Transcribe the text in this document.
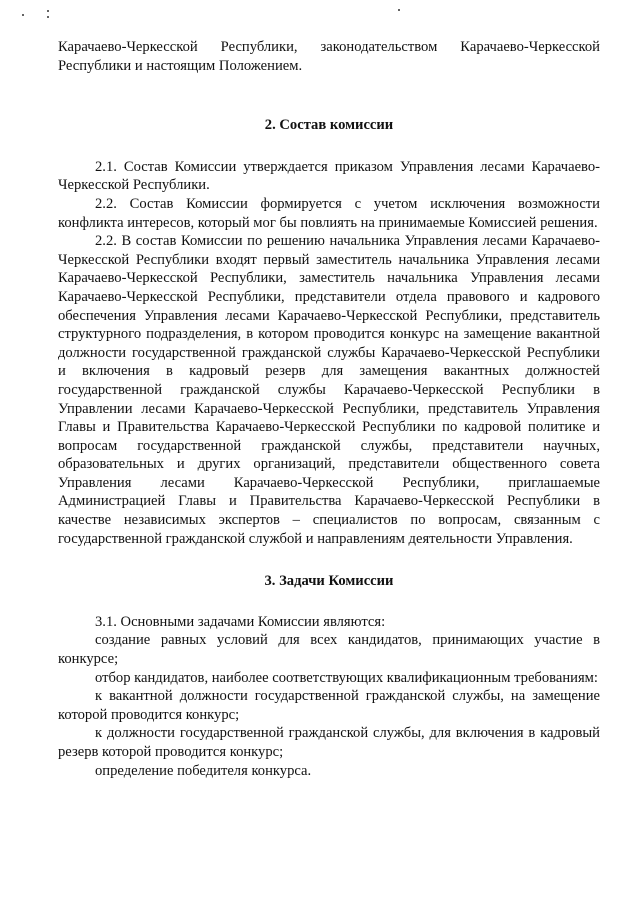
Карачаево-Черкесской Республики, законодательством Карачаево-Черкесской Республики и настоящим Положением.

2. Состав комиссии

2.1. Состав Комиссии утверждается приказом Управления лесами Карачаево-Черкесской Республики.

2.2. Состав Комиссии формируется с учетом исключения возможности конфликта интересов, который мог бы повлиять на принимаемые Комиссией решения.

2.2. В состав Комиссии по решению начальника Управления лесами Карачаево-Черкесской Республики входят первый заместитель начальника Управления лесами Карачаево-Черкесской Республики, заместитель начальника Управления лесами Карачаево-Черкесской Республики, представители отдела правового и кадрового обеспечения Управления лесами Карачаево-Черкесской Республики, представитель структурного подразделения, в котором проводится конкурс на замещение вакантной должности государственной гражданской службы Карачаево-Черкесской Республики и включения в кадровый резерв для замещения вакантных должностей государственной гражданской службы Карачаево-Черкесской Республики в Управлении лесами Карачаево-Черкесской Республики, представитель Управления Главы и Правительства Карачаево-Черкесской Республики по кадровой политике и вопросам государственной гражданской службы, представители научных, образовательных и других организаций, представители общественного совета Управления лесами Карачаево-Черкесской Республики, приглашаемые Администрацией Главы и Правительства Карачаево-Черкесской Республики в качестве независимых экспертов – специалистов по вопросам, связанным с государственной гражданской службой и направлениям деятельности Управления.

3. Задачи Комиссии

3.1. Основными задачами Комиссии являются:

создание равных условий для всех кандидатов, принимающих участие в конкурсе;

отбор кандидатов, наиболее соответствующих квалификационным требованиям:

к вакантной должности государственной гражданской службы, на замещение которой проводится конкурс;

к должности государственной гражданской службы, для включения в кадровый резерв которой проводится конкурс;

определение победителя конкурса.
